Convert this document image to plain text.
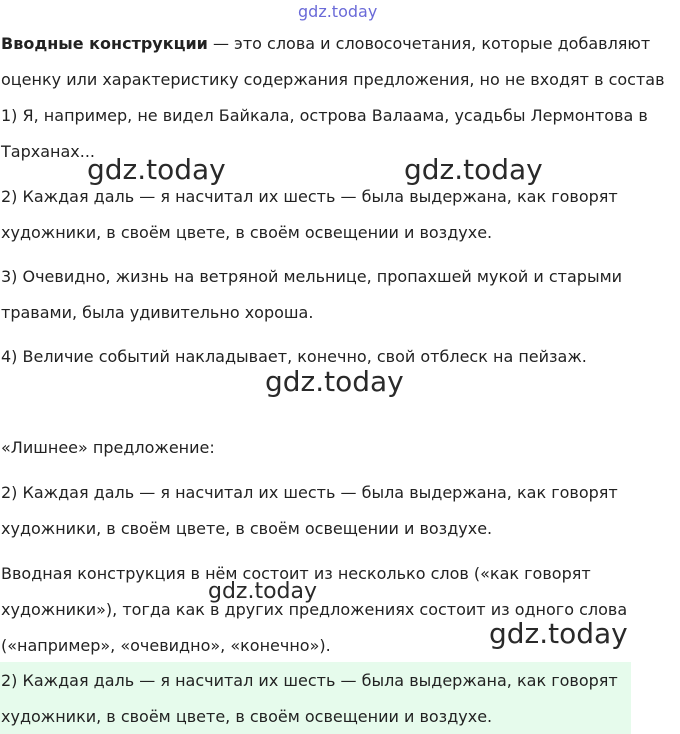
gdz.today
Вводные конструкции — это слова и словосочетания, которые добавляют
оценку или характеристику содержания предложения, но не входят в состав
1) Я, например, не видел Байкала, острова Валаама, усадьбы Лермонтова в
Тарханах...
gdz.today	gdz.today
2) Каждая даль — я насчитал их шесть — была выдержана, как говорят
художники, в своём цвете, в своём освещении и воздухе.
3) Очевидно, жизнь на ветряной мельнице, пропахшей мукой и старыми
травами, была удивительно хороша.
4) Величие событий накладывает, конечно, свой отблеск на пейзаж.
gdz.today
«Лишнее» предложение:
2) Каждая даль — я насчитал их шесть — была выдержана, как говорят
художники, в своём цвете, в своём освещении и воздухе.
Вводная конструкция в нём состоит из несколько слов («как говорят
художники»), тогда как в других предложениях состоит из одного слова
(«например», «очевидно», «конечно»).
gdz.today
gdz.today
2) Каждая даль — я насчитал их шесть — была выдержана, как говорят
художники, в своём цвете, в своём освещении и воздухе.
